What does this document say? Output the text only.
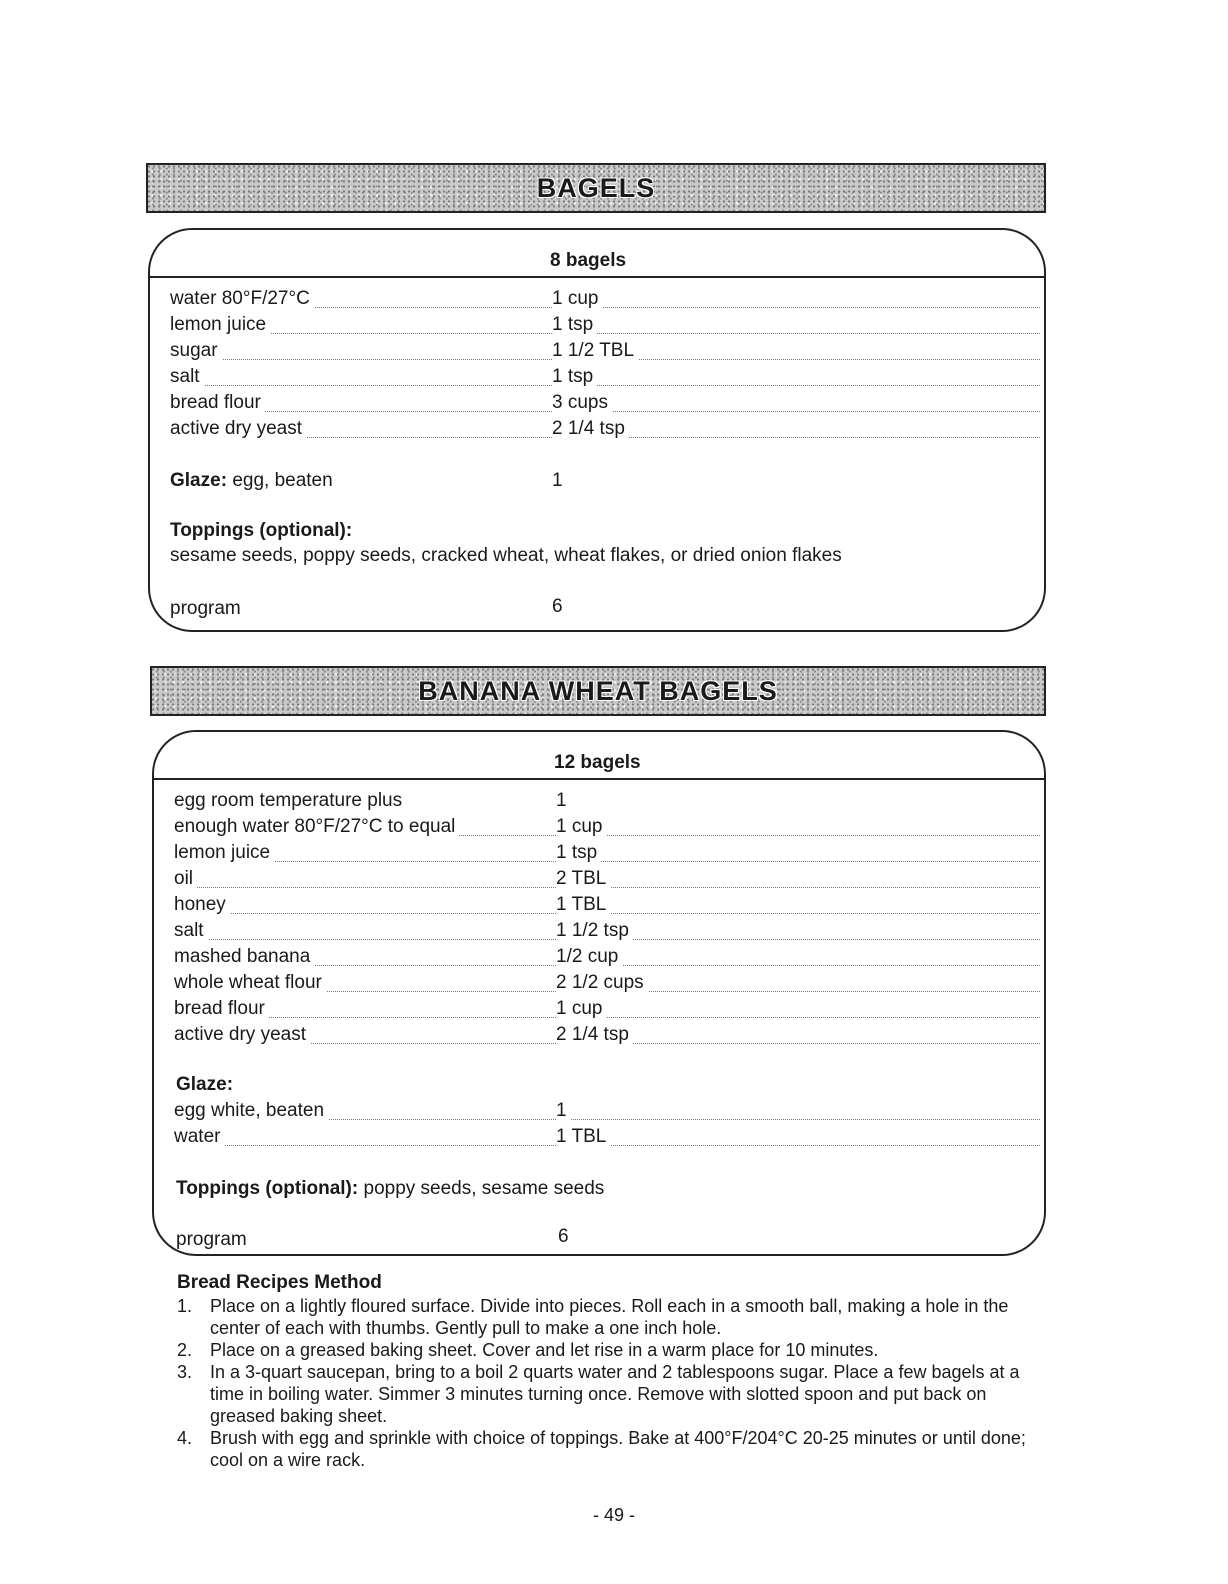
BAGELS
8 bagels
water 80°F/27°C	1 cup
lemon juice	1 tsp
sugar	1 1/2 TBL
salt	1 tsp
bread flour	3 cups
active dry yeast	2 1/4 tsp
Glaze: egg, beaten	1
Toppings (optional):
sesame seeds, poppy seeds, cracked wheat, wheat flakes, or dried onion flakes
program	6
BANANA WHEAT BAGELS
12 bagels
egg room temperature plus	1
enough water 80°F/27°C to equal	1 cup
lemon juice	1 tsp
oil	2 TBL
honey	1 TBL
salt	1 1/2 tsp
mashed banana	1/2 cup
whole wheat flour	2 1/2 cups
bread flour	1 cup
active dry yeast	2 1/4 tsp
Glaze:
egg white, beaten	1
water	1 TBL
Toppings (optional): poppy seeds, sesame seeds
program	6
Bread Recipes Method
1. Place on a lightly floured surface. Divide into pieces. Roll each in a smooth ball, making a hole in the center of each with thumbs. Gently pull to make a one inch hole.
2. Place on a greased baking sheet. Cover and let rise in a warm place for 10 minutes.
3. In a 3-quart saucepan, bring to a boil 2 quarts water and 2 tablespoons sugar. Place a few bagels at a time in boiling water. Simmer 3 minutes turning once. Remove with slotted spoon and put back on greased baking sheet.
4. Brush with egg and sprinkle with choice of toppings. Bake at 400°F/204°C 20-25 minutes or until done; cool on a wire rack.
- 49 -
